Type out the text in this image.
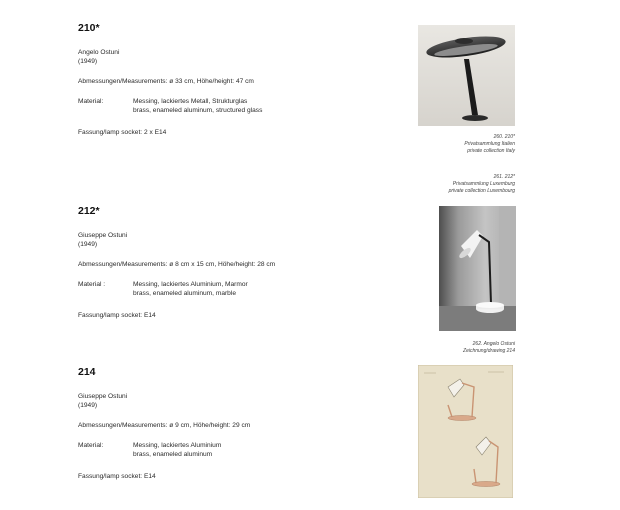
210*

Angelo Ostuni

(1949)

Abmessungen/Measurements: ø 33 cm, Höhe/height: 47 cm

Material:	Messing, lackiertes Metall, Strukturglas
brass, enameled aluminum, structured glass

Fassung/lamp socket: 2 x E14

212*

Giuseppe Ostuni

(1949)

Abmessungen/Measurements: ø 8 cm x 15 cm, Höhe/height: 28 cm

Material :	Messing, lackiertes Aluminium, Marmor
brass, enameled aluminum, marble

Fassung/lamp socket: E14

214

Giuseppe Ostuni

(1949)

Abmessungen/Measurements: ø 9 cm, Höhe/height: 29 cm

Material:	Messing, lackiertes Aluminium
brass, enameled aluminum

Fassung/lamp socket: E14

260. 210*
Privatsammlung Italien
private collection Italy
261. 212*
Privatsammlung Luxemburg
private collection Luxembourg
262. Angelo Ostuni
Zeichnung/drawing 214
